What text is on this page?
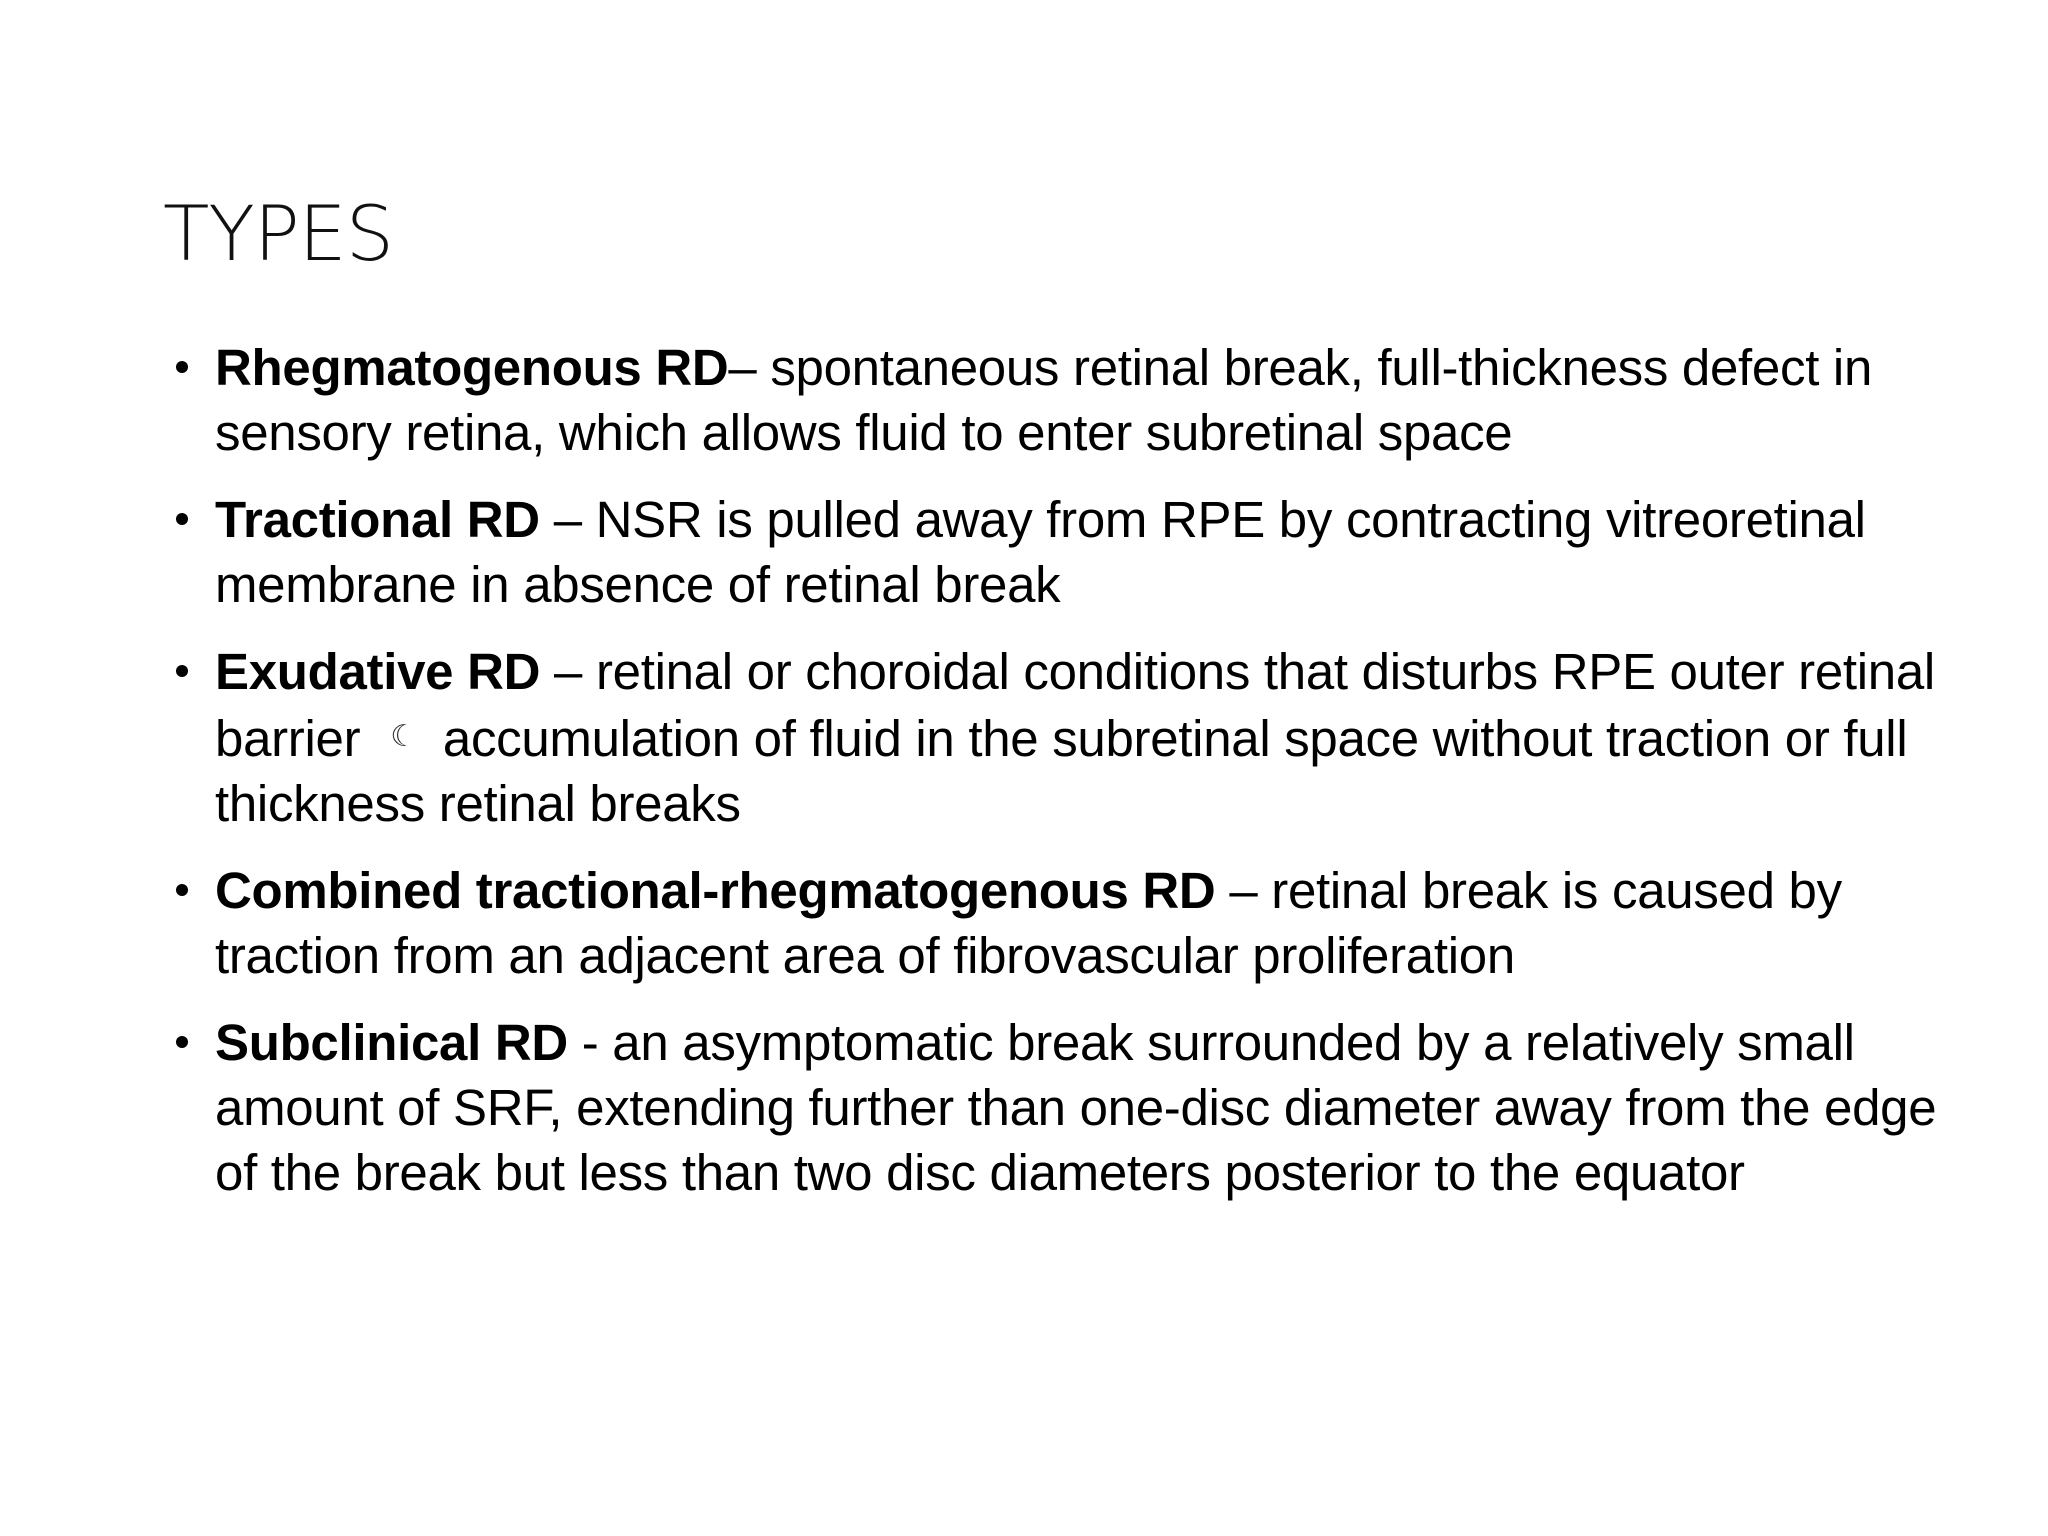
TYPES
Rhegmatogenous RD– spontaneous retinal break, full-thickness defect in sensory retina, which allows fluid to enter subretinal space
Tractional RD – NSR is pulled away from RPE by contracting vitreoretinal membrane in absence of retinal break
Exudative RD – retinal or choroidal conditions that disturbs RPE outer retinal barrier ☾ accumulation of fluid in the subretinal space without traction or full thickness retinal breaks
Combined tractional-rhegmatogenous RD – retinal break is caused by traction from an adjacent area of fibrovascular proliferation
Subclinical RD - an asymptomatic break surrounded by a relatively small amount of SRF, extending further than one-disc diameter away from the edge of the break but less than two disc diameters posterior to the equator
